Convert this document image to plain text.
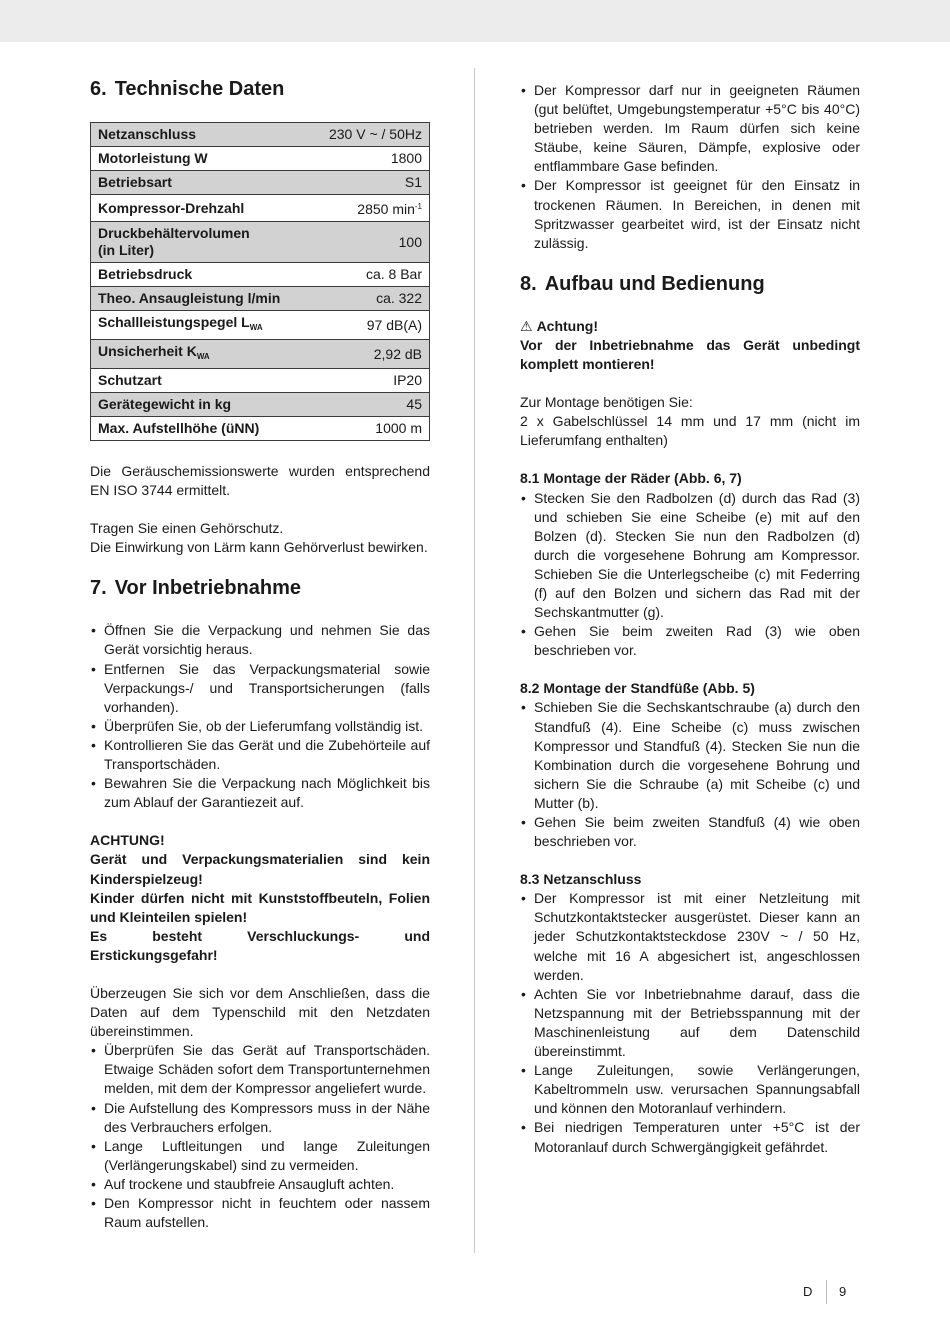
6. Technische Daten
Netzanschluss	230 V ~ / 50Hz
Motorleistung W	1800
Betriebsart	S1
Kompressor-Drehzahl	2850 $\min^{-1}$
Druckbehältervolumen
(in Liter)	100
Betriebsdruck	ca. 8 Bar
Theo. Ansaugleistung l/min	ca. 322
Schallleistungspegel $L_{WA}$	97 dB(A)
Unsicherheit $K_{WA}$	2,92 dB
Schutzart	IP20
Gerätegewicht in kg	45
Max. Aufstellhöhe (üNN)	1000 m

Die Geräuschemissionswerte wurden entsprechend EN ISO 3744 ermittelt.

Tragen Sie einen Gehörschutz.

Die Einwirkung von Lärm kann Gehörverlust bewirken.

7. Vor Inbetriebnahme
• Öffnen Sie die Verpackung und nehmen Sie das Gerät vorsichtig heraus.
• Entfernen Sie das Verpackungsmaterial sowie Verpackungs-/ und Transportsicherungen (falls vorhanden).
• Überprüfen Sie, ob der Lieferumfang vollständig ist.
• Kontrollieren Sie das Gerät und die Zubehörteile auf Transportschäden.
• Bewahren Sie die Verpackung nach Möglichkeit bis zum Ablauf der Garantiezeit auf.

ACHTUNG!

Gerät und Verpackungsmaterialien sind kein Kinderspielzeug!

Kinder dürfen nicht mit Kunststoffbeuteln, Folien und Kleinteilen spielen!

Es besteht Verschluckungs- und Erstickungsgefahr!

Überzeugen Sie sich vor dem Anschließen, dass die Daten auf dem Typenschild mit den Netzdaten übereinstimmen.

• Überprüfen Sie das Gerät auf Transportschäden. Etwaige Schäden sofort dem Transportunternehmen melden, mit dem der Kompressor angeliefert wurde.
• Die Aufstellung des Kompressors muss in der Nähe des Verbrauchers erfolgen.
• Lange Luftleitungen und lange Zuleitungen (Verlängerungskabel) sind zu vermeiden.
• Auf trockene und staubfreie Ansaugluft achten.
• Den Kompressor nicht in feuchtem oder nassem Raum aufstellen.
• Der Kompressor darf nur in geeigneten Räumen (gut belüftet, Umgebungstemperatur +5°C bis 40°C) betrieben werden. Im Raum dürfen sich keine Stäube, keine Säuren, Dämpfe, explosive oder entflammbare Gase befinden.
• Der Kompressor ist geeignet für den Einsatz in trockenen Räumen. In Bereichen, in denen mit Spritzwasser gearbeitet wird, ist der Einsatz nicht zulässig.
8. Aufbau und Bedienung

⚠ Achtung!

Vor der Inbetriebnahme das Gerät unbedingt komplett montieren!

Zur Montage benötigen Sie:

2 x Gabelschlüssel 14 mm und 17 mm (nicht im Lieferumfang enthalten)

8.1 Montage der Räder (Abb. 6, 7)

• Stecken Sie den Radbolzen (d) durch das Rad (3) und schieben Sie eine Scheibe (e) mit auf den Bolzen (d). Stecken Sie nun den Radbolzen (d) durch die vorgesehene Bohrung am Kompressor. Schieben Sie die Unterlegscheibe (c) mit Federring (f) auf den Bolzen und sichern das Rad mit der Sechskantmutter (g).
• Gehen Sie beim zweiten Rad (3) wie oben beschrieben vor.

8.2 Montage der Standfüße (Abb. 5)

• Schieben Sie die Sechskantschraube (a) durch den Standfuß (4). Eine Scheibe (c) muss zwischen Kompressor und Standfuß (4). Stecken Sie nun die Kombination durch die vorgesehene Bohrung und sichern Sie die Schraube (a) mit Scheibe (c) und Mutter (b).
• Gehen Sie beim zweiten Standfuß (4) wie oben beschrieben vor.

8.3 Netzanschluss

• Der Kompressor ist mit einer Netzleitung mit Schutzkontaktstecker ausgerüstet. Dieser kann an jeder Schutzkontaktsteckdose 230V ~ / 50 Hz, welche mit 16 A abgesichert ist, angeschlossen werden.
• Achten Sie vor Inbetriebnahme darauf, dass die Netzspannung mit der Betriebsspannung mit der Maschinenleistung auf dem Datenschild übereinstimmt.
• Lange Zuleitungen, sowie Verlängerungen, Kabeltrommeln usw. verursachen Spannungsabfall und können den Motoranlauf verhindern.
• Bei niedrigen Temperaturen unter +5°C ist der Motoranlauf durch Schwergängigkeit gefährdet.
D 9
